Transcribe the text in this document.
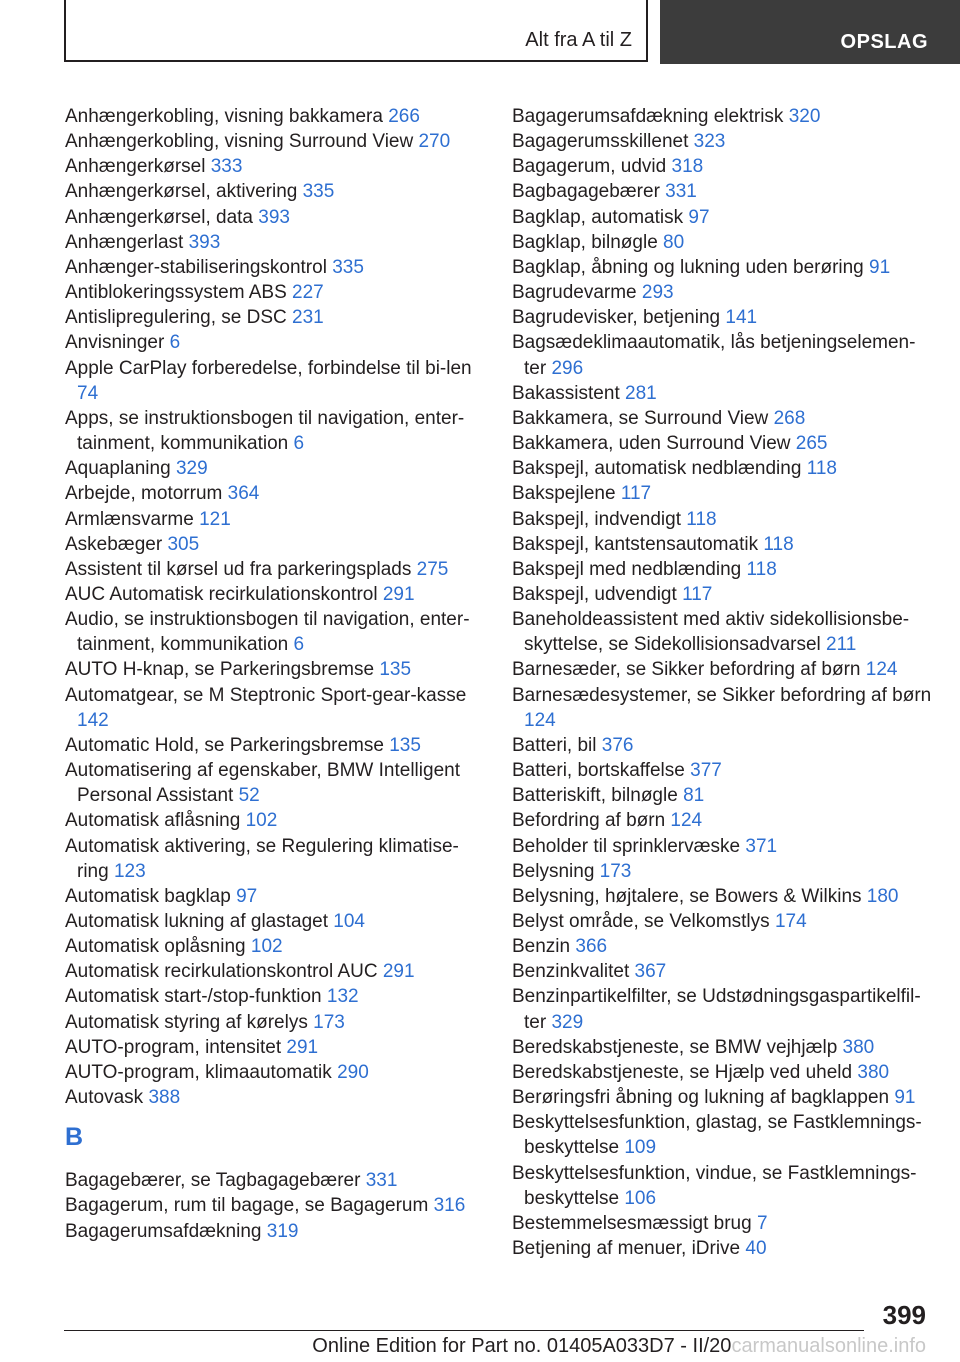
Alt fra A til Z	OPSLAG
Anhængerkobling, visning bakkamera 266
Anhængerkobling, visning Surround View 270
Anhængerkørsel 333
Anhængerkørsel, aktivering 335
Anhængerkørsel, data 393
Anhængerlast 393
Anhænger-stabiliseringskontrol 335
Antiblokeringssystem ABS 227
Antislipregulering, se DSC 231
Anvisninger 6
Apple CarPlay forberedelse, forbindelse til bi-len 74
Apps, se instruktionsbogen til navigation, enter-tainment, kommunikation 6
Aquaplaning 329
Arbejde, motorrum 364
Armlænsvarme 121
Askebæger 305
Assistent til kørsel ud fra parkeringsplads 275
AUC Automatisk recirkulationskontrol 291
Audio, se instruktionsbogen til navigation, enter-tainment, kommunikation 6
AUTO H-knap, se Parkeringsbremse 135
Automatgear, se M Steptronic Sport-gear-kasse 142
Automatic Hold, se Parkeringsbremse 135
Automatisering af egenskaber, BMW Intelligent Personal Assistant 52
Automatisk aflåsning 102
Automatisk aktivering, se Regulering klimatise-ring 123
Automatisk bagklap 97
Automatisk lukning af glastaget 104
Automatisk oplåsning 102
Automatisk recirkulationskontrol AUC 291
Automatisk start-/stop-funktion 132
Automatisk styring af kørelys 173
AUTO-program, intensitet 291
AUTO-program, klimaautomatik 290
Autovask 388
B
Bagagebærer, se Tagbagagebærer 331
Bagagerum, rum til bagage, se Bagagerum 316
Bagagerumsafdækning 319
Bagagerumsafdækning elektrisk 320
Bagagerumsskillenet 323
Bagagerum, udvid 318
Bagbagagebærer 331
Bagklap, automatisk 97
Bagklap, bilnøgle 80
Bagklap, åbning og lukning uden berøring 91
Bagrudevarme 293
Bagrudevisker, betjening 141
Bagsædeklimaautomatik, lås betjeningselemen-ter 296
Bakassistent 281
Bakkamera, se Surround View 268
Bakkamera, uden Surround View 265
Bakspejl, automatisk nedblænding 118
Bakspejlene 117
Bakspejl, indvendigt 118
Bakspejl, kantstensautomatik 118
Bakspejl med nedblænding 118
Bakspejl, udvendigt 117
Baneholdeassistent med aktiv sidekollisionsbe-skyttelse, se Sidekollisionsadvarsel 211
Barnesæder, se Sikker befordring af børn 124
Barnesædesystemer, se Sikker befordring af børn 124
Batteri, bil 376
Batteri, bortskaffelse 377
Batteriskift, bilnøgle 81
Befordring af børn 124
Beholder til sprinklervæske 371
Belysning 173
Belysning, højtalere, se Bowers & Wilkins 180
Belyst område, se Velkomstlys 174
Benzin 366
Benzinkvalitet 367
Benzinpartikelfilter, se Udstødningsgaspartikelfil-ter 329
Beredskabstjeneste, se BMW vejhjælp 380
Beredskabstjeneste, se Hjælp ved uheld 380
Berøringsfri åbning og lukning af bagklappen 91
Beskyttelsesfunktion, glastag, se Fastklemnings-beskyttelse 109
Beskyttelsesfunktion, vindue, se Fastklemnings-beskyttelse 106
Bestemmelsesmæssigt brug 7
Betjening af menuer, iDrive 40
399
Online Edition for Part no. 01405A033D7 - II/20carmanualsonline.info
